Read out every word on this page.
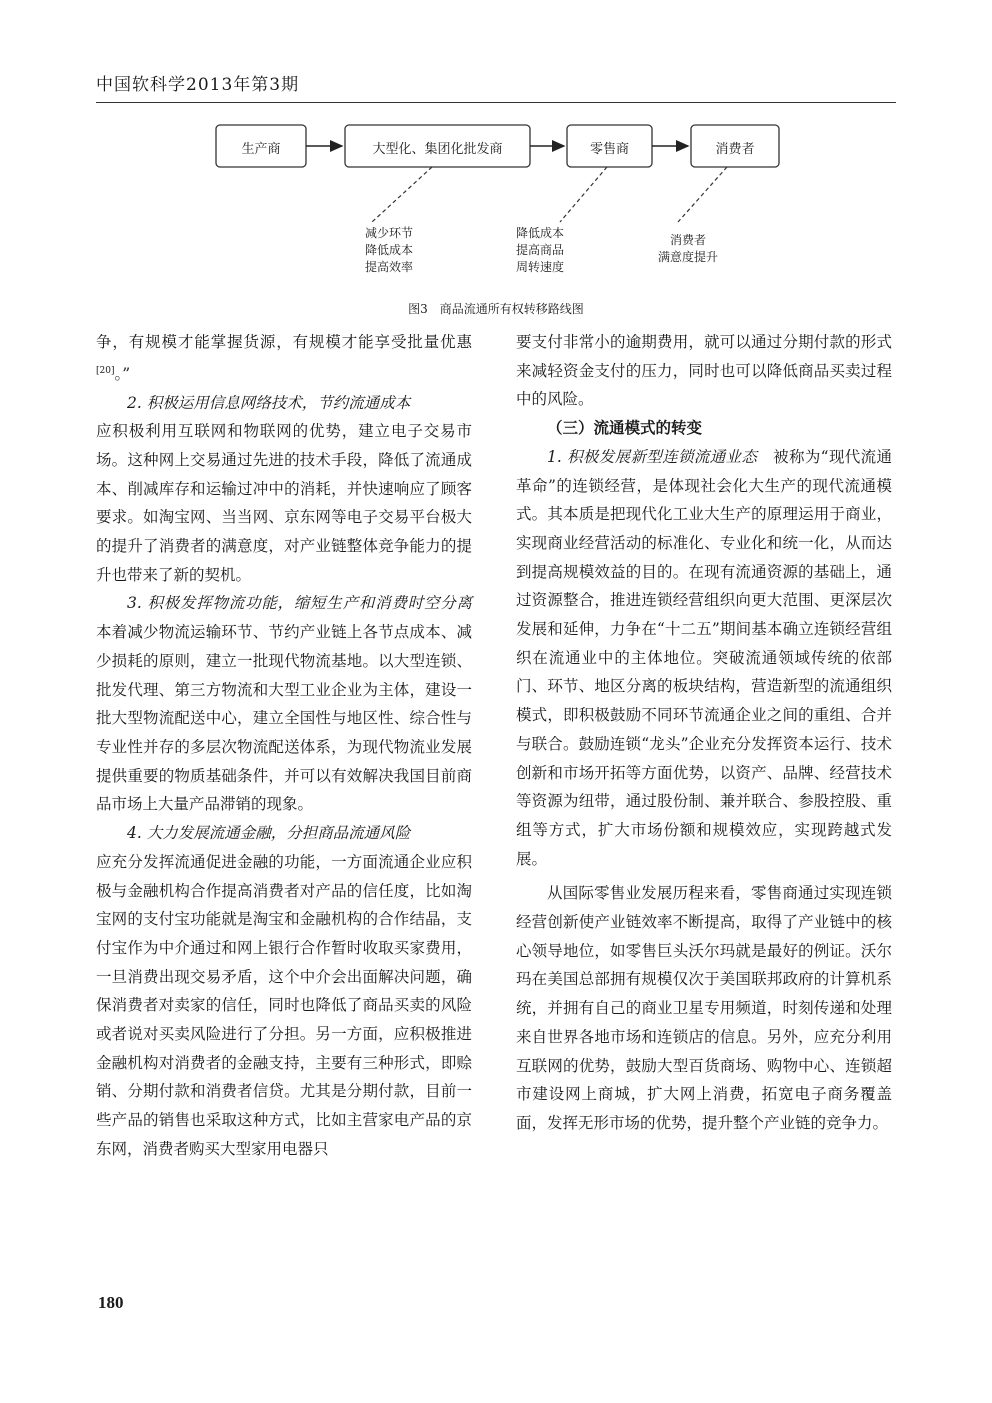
中国软科学2013年第3期
生产商	大型化、集团化批发商	零售商	消费者
减少环节
降低成本
提高效率
降低成本
提高商品
周转速度
消费者
满意度提升
图3　商品流通所有权转移路线图

争，有规模才能掌握货源，有规模才能享受批量优惠[20]。”

2. 积极运用信息网络技术，节约流通成本

应积极利用互联网和物联网的优势，建立电子交易市场。这种网上交易通过先进的技术手段，降低了流通成本、削减库存和运输过冲中的消耗，并快速响应了顾客要求。如淘宝网、当当网、京东网等电子交易平台极大的提升了消费者的满意度，对产业链整体竞争能力的提升也带来了新的契机。

3. 积极发挥物流功能，缩短生产和消费时空分离　本着减少物流运输环节、节约产业链上各节点成本、减少损耗的原则，建立一批现代物流基地。以大型连锁、批发代理、第三方物流和大型工业企业为主体，建设一批大型物流配送中心，建立全国性与地区性、综合性与专业性并存的多层次物流配送体系，为现代物流业发展提供重要的物质基础条件，并可以有效解决我国目前商品市场上大量产品滞销的现象。

4. 大力发展流通金融，分担商品流通风险

应充分发挥流通促进金融的功能，一方面流通企业应积极与金融机构合作提高消费者对产品的信任度，比如淘宝网的支付宝功能就是淘宝和金融机构的合作结晶，支付宝作为中介通过和网上银行合作暂时收取买家费用，一旦消费出现交易矛盾，这个中介会出面解决问题，确保消费者对卖家的信任，同时也降低了商品买卖的风险或者说对买卖风险进行了分担。另一方面，应积极推进金融机构对消费者的金融支持，主要有三种形式，即赊销、分期付款和消费者信贷。尤其是分期付款，目前一些产品的销售也采取这种方式，比如主营家电产品的京东网，消费者购买大型家用电器只

要支付非常小的逾期费用，就可以通过分期付款的形式来减轻资金支付的压力，同时也可以降低商品买卖过程中的风险。

（三）流通模式的转变

1. 积极发展新型连锁流通业态　 被称为“现代流通革命”的连锁经营，是体现社会化大生产的现代流通模式。其本质是把现代化工业大生产的原理运用于商业，实现商业经营活动的标准化、专业化和统一化，从而达到提高规模效益的目的。在现有流通资源的基础上，通过资源整合，推进连锁经营组织向更大范围、更深层次发展和延伸，力争在“十二五”期间基本确立连锁经营组织在流通业中的主体地位。突破流通领域传统的依部门、环节、地区分离的板块结构，营造新型的流通组织模式，即积极鼓励不同环节流通企业之间的重组、合并与联合。鼓励连锁“龙头”企业充分发挥资本运行、技术创新和市场开拓等方面优势，以资产、品牌、经营技术等资源为纽带，通过股份制、兼并联合、参股控股、重组等方式，扩大市场份额和规模效应，实现跨越式发展。

从国际零售业发展历程来看，零售商通过实现连锁经营创新使产业链效率不断提高，取得了产业链中的核心领导地位，如零售巨头沃尔玛就是最好的例证。沃尔玛在美国总部拥有规模仅次于美国联邦政府的计算机系统，并拥有自己的商业卫星专用频道，时刻传递和处理来自世界各地市场和连锁店的信息。另外，应充分利用互联网的优势，鼓励大型百货商场、购物中心、连锁超市建设网上商城，扩大网上消费，拓宽电子商务覆盖面，发挥无形市场的优势，提升整个产业链的竞争力。

180
